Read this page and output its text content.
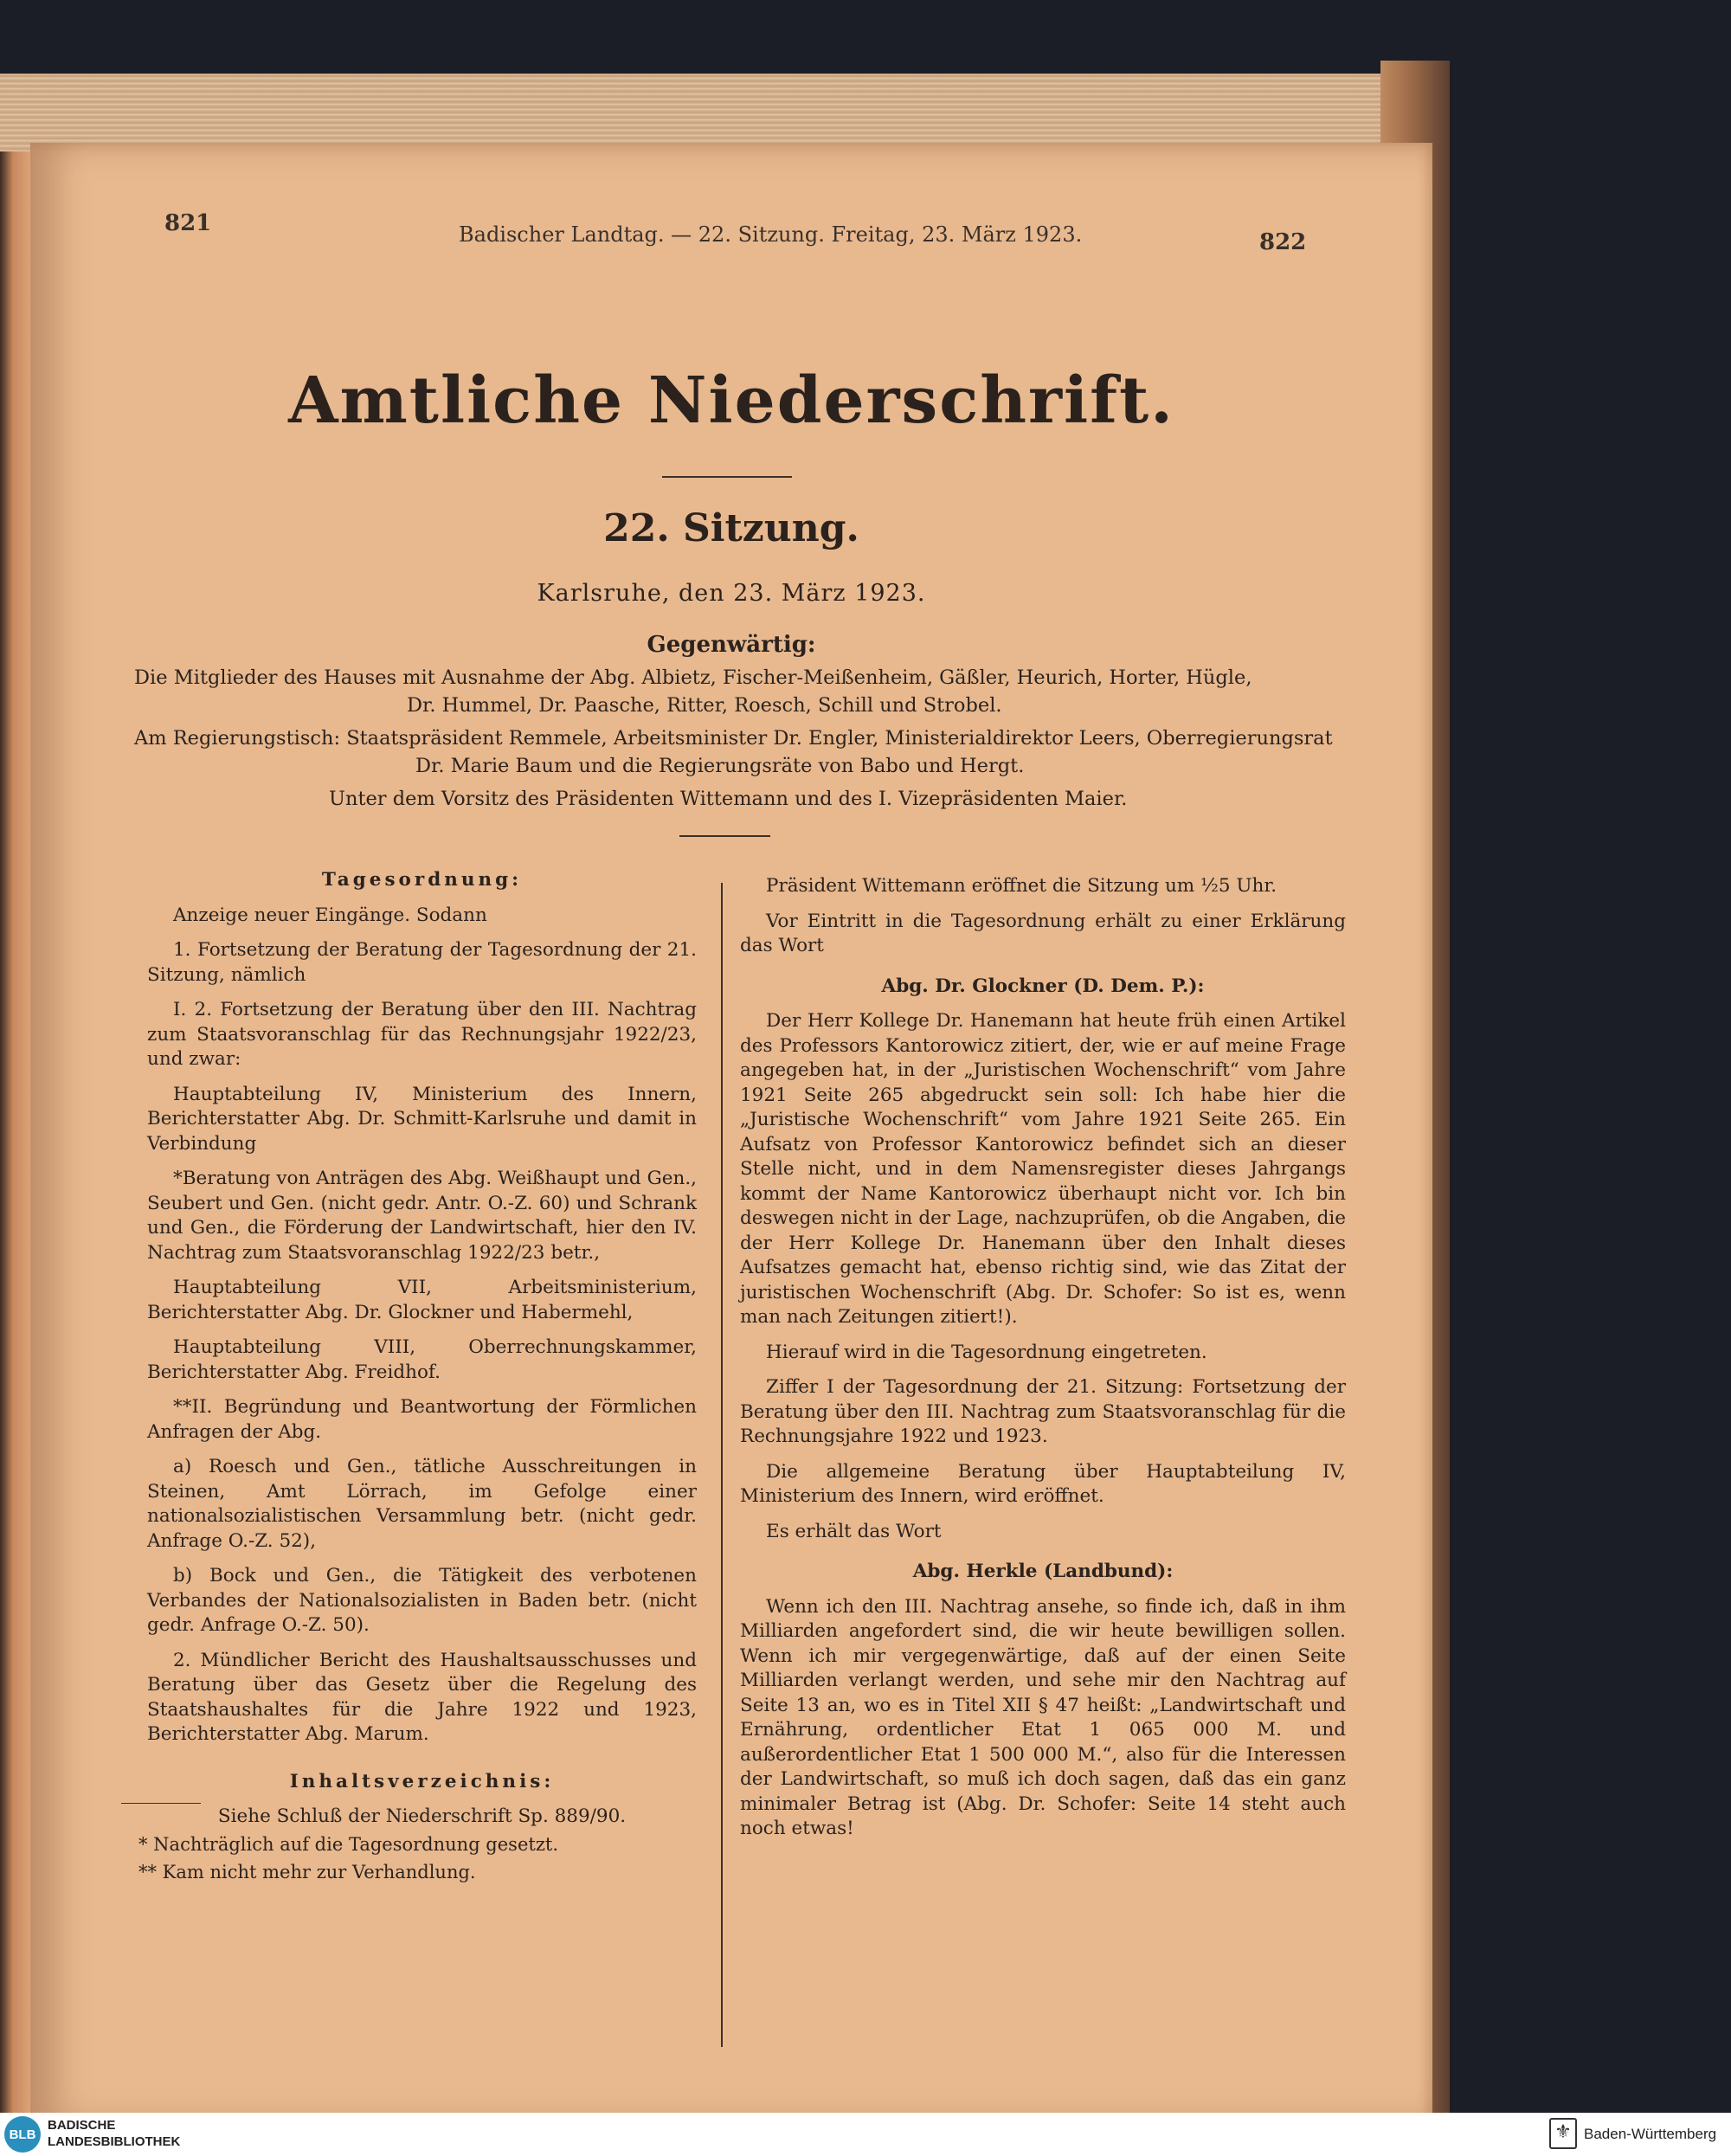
821	Badischer Landtag. — 22. Sitzung. Freitag, 23. März 1923.	822
Amtliche Niederschrift.
22. Sitzung.
Karlsruhe, den 23. März 1923.
Gegenwärtig:
Die Mitglieder des Hauses mit Ausnahme der Abg. Albietz, Fischer-Meißenheim, Gäßler, Heurich, Horter, Hügle,
Dr. Hummel, Dr. Paasche, Ritter, Roesch, Schill und Strobel.
Am Regierungstisch: Staatspräsident Remmele, Arbeitsminister Dr. Engler, Ministerialdirektor Leers, Oberregierungsrat
Dr. Marie Baum und die Regierungsräte von Babo und Hergt.
Unter dem Vorsitz des Präsidenten Wittemann und des I. Vizepräsidenten Maier.

Tagesordnung:

Anzeige neuer Eingänge. Sodann

1. Fortsetzung der Beratung der Tagesordnung der 21. Sitzung, nämlich

I. 2. Fortsetzung der Beratung über den III. Nachtrag zum Staatsvoranschlag für das Rechnungsjahr 1922/23, und zwar:

Hauptabteilung IV, Ministerium des Innern, Berichterstatter Abg. Dr. Schmitt-Karlsruhe und damit in Verbindung

*Beratung von Anträgen des Abg. Weißhaupt und Gen., Seubert und Gen. (nicht gedr. Antr. O.-Z. 60) und Schrank und Gen., die Förderung der Landwirtschaft, hier den IV. Nachtrag zum Staatsvoranschlag 1922/23 betr.,

Hauptabteilung VII, Arbeitsministerium, Berichterstatter Abg. Dr. Glockner und Habermehl,

Hauptabteilung VIII, Oberrechnungskammer, Berichterstatter Abg. Freidhof.

**II. Begründung und Beantwortung der Förmlichen Anfragen der Abg.

a) Roesch und Gen., tätliche Ausschreitungen in Steinen, Amt Lörrach, im Gefolge einer nationalsozialistischen Versammlung betr. (nicht gedr. Anfrage O.-Z. 52),

b) Bock und Gen., die Tätigkeit des verbotenen Verbandes der Nationalsozialisten in Baden betr. (nicht gedr. Anfrage O.-Z. 50).

2. Mündlicher Bericht des Haushaltsausschusses und Beratung über das Gesetz über die Regelung des Staatshaushaltes für die Jahre 1922 und 1923, Berichterstatter Abg. Marum.

Inhaltsverzeichnis:

Siehe Schluß der Niederschrift Sp. 889/90.

* Nachträglich auf die Tagesordnung gesetzt.
** Kam nicht mehr zur Verhandlung.

Präsident Wittemann eröffnet die Sitzung um ½5 Uhr.

Vor Eintritt in die Tagesordnung erhält zu einer Erklärung das Wort

Abg. Dr. Glockner (D. Dem. P.):

Der Herr Kollege Dr. Hanemann hat heute früh einen Artikel des Professors Kantorowicz zitiert, der, wie er auf meine Frage angegeben hat, in der „Juristischen Wochenschrift“ vom Jahre 1921 Seite 265 abgedruckt sein soll: Ich habe hier die „Juristische Wochenschrift“ vom Jahre 1921 Seite 265. Ein Aufsatz von Professor Kantorowicz befindet sich an dieser Stelle nicht, und in dem Namensregister dieses Jahrgangs kommt der Name Kantorowicz überhaupt nicht vor. Ich bin deswegen nicht in der Lage, nachzuprüfen, ob die Angaben, die der Herr Kollege Dr. Hanemann über den Inhalt dieses Aufsatzes gemacht hat, ebenso richtig sind, wie das Zitat der juristischen Wochenschrift (Abg. Dr. Schofer: So ist es, wenn man nach Zeitungen zitiert!).

Hierauf wird in die Tagesordnung eingetreten.

Ziffer I der Tagesordnung der 21. Sitzung: Fortsetzung der Beratung über den III. Nachtrag zum Staatsvoranschlag für die Rechnungsjahre 1922 und 1923.

Die allgemeine Beratung über Hauptabteilung IV, Ministerium des Innern, wird eröffnet.

Es erhält das Wort

Abg. Herkle (Landbund):

Wenn ich den III. Nachtrag ansehe, so finde ich, daß in ihm Milliarden angefordert sind, die wir heute bewilligen sollen. Wenn ich mir vergegenwärtige, daß auf der einen Seite Milliarden verlangt werden, und sehe mir den Nachtrag auf Seite 13 an, wo es in Titel XII § 47 heißt: „Landwirtschaft und Ernährung, ordentlicher Etat 1 065 000 M. und außerordentlicher Etat 1 500 000 M.“, also für die Interessen der Landwirtschaft, so muß ich doch sagen, daß das ein ganz minimaler Betrag ist (Abg. Dr. Schofer: Seite 14 steht auch noch etwas!

BLB
BADISCHE
LANDESBIBLIOTHEK	⚜ Baden-Württemberg
